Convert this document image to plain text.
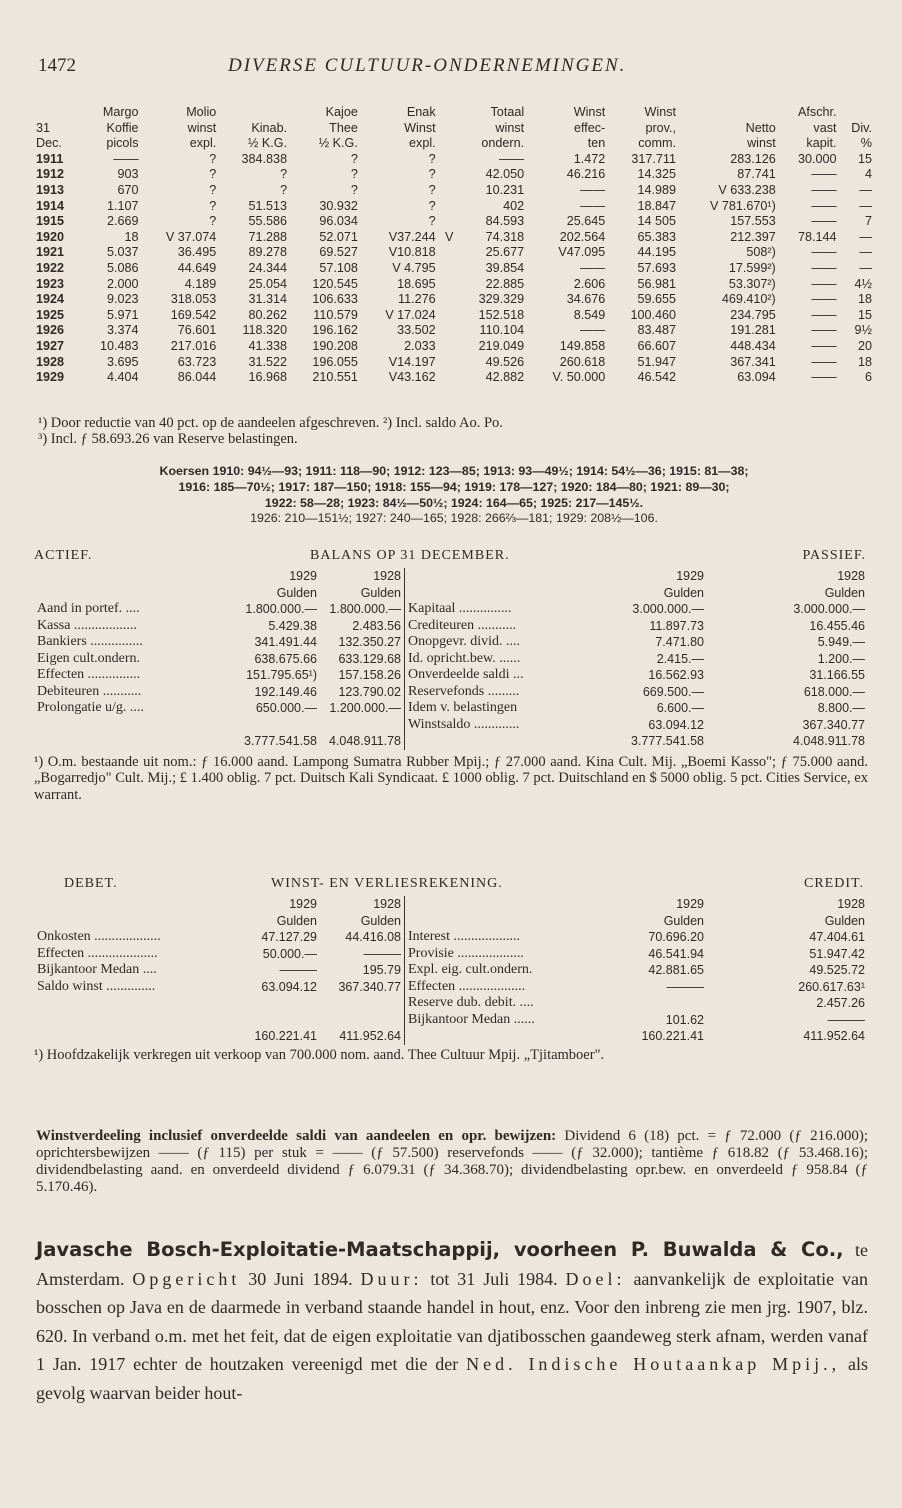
1472	DIVERSE CULTUUR-ONDERNEMINGEN.
	Margo	Molio		Kajoe	Enak		Totaal	Winst	Winst		Afschr.	
31	Koffie	winst	Kinab.	Thee	Winst		winst	effec-	prov.,	Netto	vast	Div.
Dec.	picols	expl.	½ K.G.	½ K.G.	expl.		ondern.	ten	comm.	winst	kapit.	%
1911	——	?	384.838	?	?		——	1.472	317.711	283.126	30.000	15
1912	903	?	?	?	?		42.050	46.216	14.325	87.741	——	4
1913	670	?	?	?	?		10.231	——	14.989	V 633.238	——	—
1914	1.107	?	51.513	30.932	?		402	——	18.847	V 781.670¹)	——	—
1915	2.669	?	55.586	96.034	?		84.593	25.645	14 505	157.553	——	7
1920	18	V 37.074	71.288	52.071	V37.244	V	74.318	202.564	65.383	212.397	78.144	—
1921	5.037	36.495	89.278	69.527	V10.818		25.677	V47.095	44.195	508²)	——	—
1922	5.086	44.649	24.344	57.108	V 4.795		39.854	——	57.693	17.599²)	——	—
1923	2.000	4.189	25.054	120.545	18.695		22.885	2.606	56.981	53.307²)	——	4½
1924	9.023	318.053	31.314	106.633	11.276		329.329	34.676	59.655	469.410²)	——	18
1925	5.971	169.542	80.262	110.579	V 17.024		152.518	8.549	100.460	234.795	——	15
1926	3.374	76.601	118.320	196.162	33.502		110.104	——	83.487	191.281	——	9½
1927	10.483	217.016	41.338	190.208	2.033		219.049	149.858	66.607	448.434	——	20
1928	3.695	63.723	31.522	196.055	V14.197		49.526	260.618	51.947	367.341	——	18
1929	4.404	86.044	16.968	210.551	V43.162		42.882	V. 50.000	46.542	63.094	——	6
¹) Door reductie van 40 pct. op de aandeelen afgeschreven. ²) Incl. saldo Ao. Po.
³) Incl. ƒ 58.693.26 van Reserve belastingen.
Koersen 1910: 94½—93; 1911: 118—90; 1912: 123—85; 1913: 93—49½; 1914: 54½—36; 1915: 81—38;
1916: 185—70½; 1917: 187—150; 1918: 155—94; 1919: 178—127; 1920: 184—80; 1921: 89—30;
1922: 58—28; 1923: 84½—50½; 1924: 164—65; 1925: 217—145½.
1926: 210—151½; 1927: 240—165; 1928: 266⅔—181; 1929: 208½—106.
ACTIEF.	BALANS OP 31 DECEMBER.	PASSIEF.
	1929	1928		1929	1928
	Gulden	Gulden		Gulden	Gulden
Aand in portef. ....	1.800.000.—	1.800.000.—	Kapitaal ...............	3.000.000.—	3.000.000.—
Kassa ..................	5.429.38	2.483.56	Crediteuren ...........	11.897.73	16.455.46
Bankiers ...............	341.491.44	132.350.27	Onopgevr. divid. ....	7.471.80	5.949.—
Eigen cult.ondern.	638.675.66	633.129.68	Id. opricht.bew. ......	2.415.—	1.200.—
Effecten ...............	151.795.65¹)	157.158.26	Onverdeelde saldi ...	16.562.93	31.166.55
Debiteuren ...........	192.149.46	123.790.02	Reservefonds .........	669.500.—	618.000.—
Prolongatie u/g. ....	650.000.—	1.200.000.—	Idem v. belastingen	6.600.—	8.800.—
			Winstsaldo .............	63.094.12	367.340.77

	3.777.541.58	4.048.911.78		3.777.541.58	4.048.911.78
¹) O.m. bestaande uit nom.: ƒ 16.000 aand. Lampong Sumatra Rubber Mpij.; ƒ 27.000 aand. Kina Cult. Mij. „Boemi Kasso"; ƒ 75.000 aand. „Bogarredjo" Cult. Mij.; £ 1.400 oblig. 7 pct. Duitsch Kali Syndicaat. £ 1000 oblig. 7 pct. Duitschland en $ 5000 oblig. 5 pct. Cities Service, ex warrant.
DEBET.	WINST- EN VERLIESREKENING.	CREDIT.
	1929	1928		1929	1928
	Gulden	Gulden		Gulden	Gulden
Onkosten ...................	47.127.29	44.416.08	Interest ...................	70.696.20	47.404.61
Effecten ....................	50.000.—	———	Provisie ...................	46.541.94	51.947.42
Bijkantoor Medan ....	———	195.79	Expl. eig. cult.ondern.	42.881.65	49.525.72
Saldo winst ..............	63.094.12	367.340.77	Effecten ...................	———	260.617.63¹
			Reserve dub. debit. ....		2.457.26
			Bijkantoor Medan ......	101.62	———

	160.221.41	411.952.64		160.221.41	411.952.64
¹) Hoofdzakelijk verkregen uit verkoop van 700.000 nom. aand. Thee Cultuur Mpij. „Tjitamboer".
Winstverdeeling inclusief onverdeelde saldi van aandeelen en opr. bewijzen: Dividend 6 (18) pct. = ƒ 72.000 (ƒ 216.000); oprichtersbewijzen —— (ƒ 115) per stuk = —— (ƒ 57.500) reservefonds —— (ƒ 32.000); tantième ƒ 618.82 (ƒ 53.468.16); dividendbelasting aand. en onverdeeld dividend ƒ 6.079.31 (ƒ 34.368.70); dividendbelasting opr.bew. en onverdeeld ƒ 958.84 (ƒ 5.170.46).
Javasche Bosch-Exploitatie-Maatschappij, voorheen P. Buwalda & Co., te Amsterdam. Opgericht 30 Juni 1894. Duur: tot 31 Juli 1984. Doel: aanvankelijk de exploitatie van bosschen op Java en de daarmede in verband staande handel in hout, enz. Voor den inbreng zie men jrg. 1907, blz. 620. In verband o.m. met het feit, dat de eigen exploitatie van djatibosschen gaandeweg sterk afnam, werden vanaf 1 Jan. 1917 echter de houtzaken vereenigd met die der Ned. Indische Houtaankap Mpij., als gevolg waarvan beider hout-
